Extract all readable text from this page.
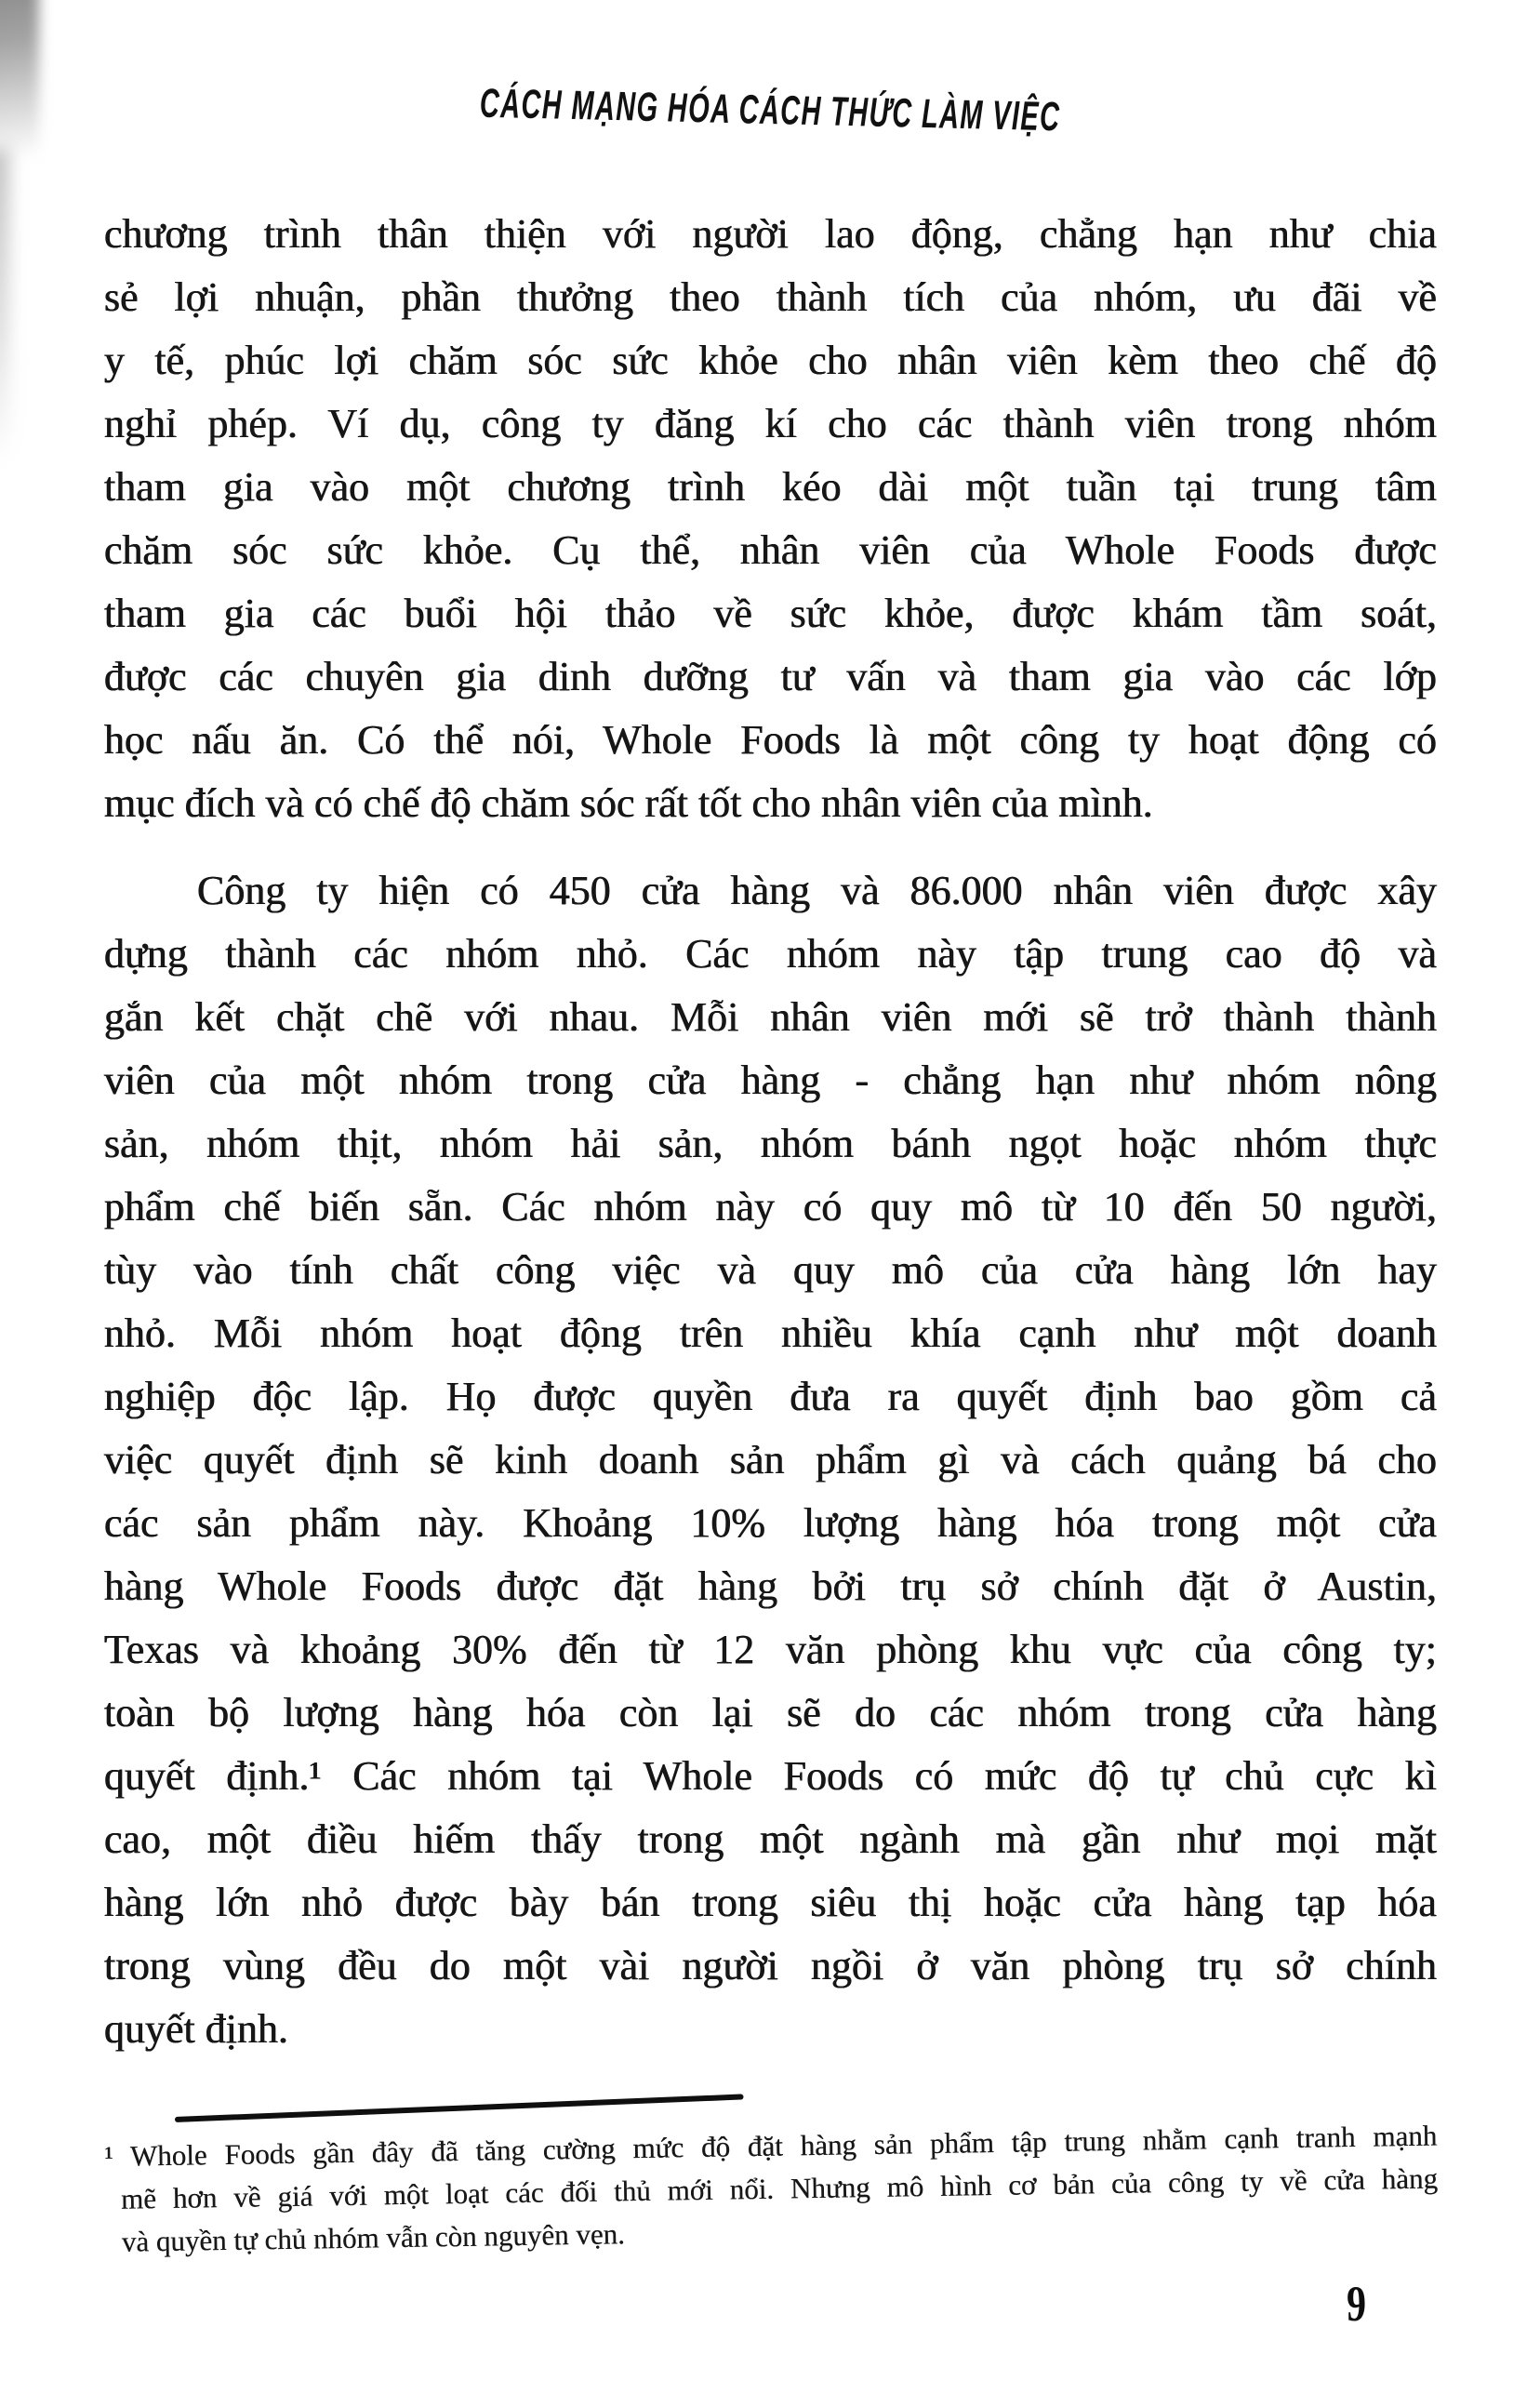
CÁCH MẠNG HÓA CÁCH THỨC LÀM VIỆC
chương trình thân thiện với người lao động, chẳng hạn như chia
sẻ lợi nhuận, phần thưởng theo thành tích của nhóm, ưu đãi về
y tế, phúc lợi chăm sóc sức khỏe cho nhân viên kèm theo chế độ
nghỉ phép. Ví dụ, công ty đăng kí cho các thành viên trong nhóm
tham gia vào một chương trình kéo dài một tuần tại trung tâm
chăm sóc sức khỏe. Cụ thể, nhân viên của Whole Foods được
tham gia các buổi hội thảo về sức khỏe, được khám tầm soát,
được các chuyên gia dinh dưỡng tư vấn và tham gia vào các lớp
học nấu ăn. Có thể nói, Whole Foods là một công ty hoạt động có
mục đích và có chế độ chăm sóc rất tốt cho nhân viên của mình.
Công ty hiện có 450 cửa hàng và 86.000 nhân viên được xây
dựng thành các nhóm nhỏ. Các nhóm này tập trung cao độ và
gắn kết chặt chẽ với nhau. Mỗi nhân viên mới sẽ trở thành thành
viên của một nhóm trong cửa hàng - chẳng hạn như nhóm nông
sản, nhóm thịt, nhóm hải sản, nhóm bánh ngọt hoặc nhóm thực
phẩm chế biến sẵn. Các nhóm này có quy mô từ 10 đến 50 người,
tùy vào tính chất công việc và quy mô của cửa hàng lớn hay
nhỏ. Mỗi nhóm hoạt động trên nhiều khía cạnh như một doanh
nghiệp độc lập. Họ được quyền đưa ra quyết định bao gồm cả
việc quyết định sẽ kinh doanh sản phẩm gì và cách quảng bá cho
các sản phẩm này. Khoảng 10% lượng hàng hóa trong một cửa
hàng Whole Foods được đặt hàng bởi trụ sở chính đặt ở Austin,
Texas và khoảng 30% đến từ 12 văn phòng khu vực của công ty;
toàn bộ lượng hàng hóa còn lại sẽ do các nhóm trong cửa hàng
quyết định.¹ Các nhóm tại Whole Foods có mức độ tự chủ cực kì
cao, một điều hiếm thấy trong một ngành mà gần như mọi mặt
hàng lớn nhỏ được bày bán trong siêu thị hoặc cửa hàng tạp hóa
trong vùng đều do một vài người ngồi ở văn phòng trụ sở chính
quyết định.
¹ Whole Foods gần đây đã tăng cường mức độ đặt hàng sản phẩm tập trung nhằm cạnh tranh mạnh
mẽ hơn về giá với một loạt các đối thủ mới nổi. Nhưng mô hình cơ bản của công ty về cửa hàng
và quyền tự chủ nhóm vẫn còn nguyên vẹn.
9
